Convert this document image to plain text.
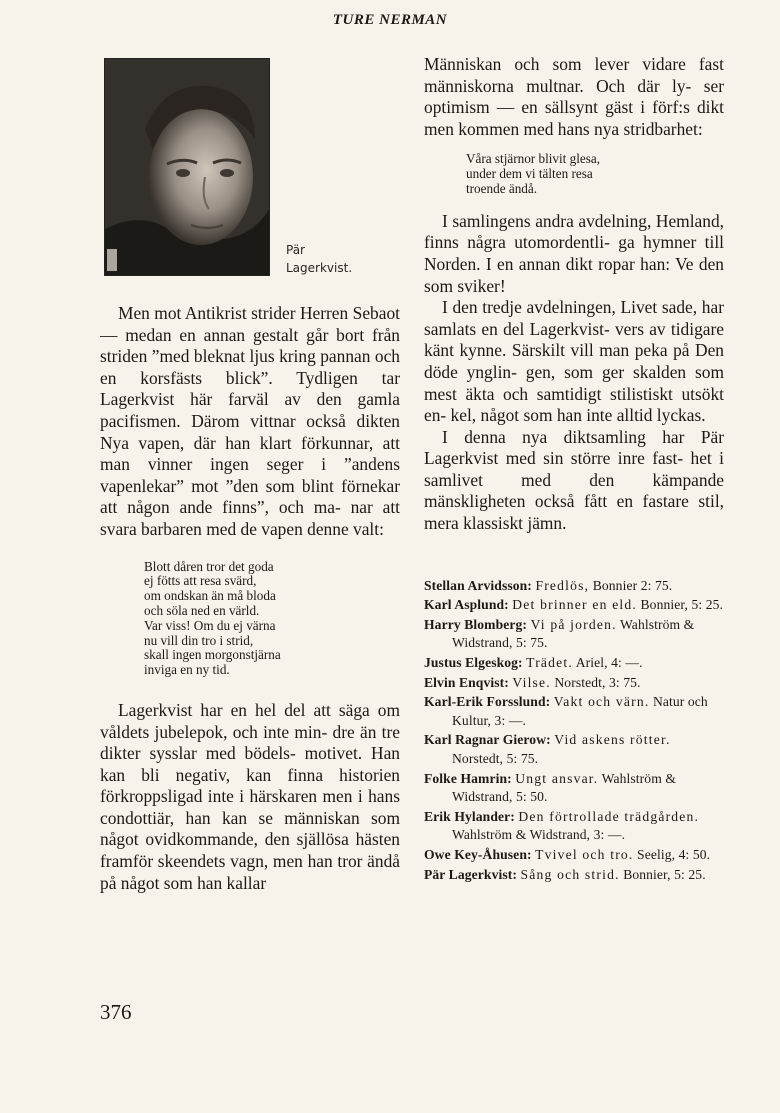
TURE NERMAN
Pär
Lagerkvist.

Men mot Antikrist strider Herren Sebaot — medan en annan gestalt går bort från striden ”med bleknat ljus kring pannan och en korsfästs blick”. Tydligen tar Lagerkvist här farväl av den gamla pacifismen. Därom vittnar också dikten Nya vapen, där han klart förkunnar, att man vinner ingen seger i ”andens vapenlekar” mot ”den som blint förnekar att någon ande finns”, och ma- nar att svara barbaren med de vapen denne valt:

Blott dåren tror det goda
ej fötts att resa svärd,
om ondskan än må bloda
och söla ned en värld.
Var viss! Om du ej värna
nu vill din tro i strid,
skall ingen morgonstjärna
inviga en ny tid.

Lagerkvist har en hel del att säga om våldets jubelepok, och inte min- dre än tre dikter sysslar med bödels- motivet. Han kan bli negativ, kan finna historien förkroppsligad inte i härskaren men i hans condottiär, han kan se människan som något ovidkommande, den själlösa hästen framför skeendets vagn, men han tror ändå på något som han kallar

Människan och som lever vidare fast människorna multnar. Och där ly- ser optimism — en sällsynt gäst i förf:s dikt men kommen med hans nya stridbarhet:

Våra stjärnor blivit glesa,
under dem vi tälten resa
troende ändå.

I samlingens andra avdelning, Hemland, finns några utomordentli- ga hymner till Norden. I en annan dikt ropar han: Ve den som sviker!

I den tredje avdelningen, Livet sade, har samlats en del Lagerkvist- vers av tidigare känt kynne. Särskilt vill man peka på Den döde ynglin- gen, som ger skalden som mest äkta och samtidigt stilistiskt utsökt en- kel, något som han inte alltid lyckas.

I denna nya diktsamling har Pär Lagerkvist med sin större inre fast- het i samlivet med den kämpande mänskligheten också fått en fastare stil, mera klassiskt jämn.

Stellan Arvidsson: Fredlös, Bonnier 2: 75.

Karl Asplund: Det brinner en eld. Bonnier, 5: 25.

Harry Blomberg: Vi på jorden. Wahlström & Widstrand, 5: 75.

Justus Elgeskog: Trädet. Ariel, 4: —.

Elvin Enqvist: Vilse. Norstedt, 3: 75.

Karl-Erik Forsslund: Vakt och värn. Natur och Kultur, 3: —.

Karl Ragnar Gierow: Vid askens rötter. Norstedt, 5: 75.

Folke Hamrin: Ungt ansvar. Wahlström & Widstrand, 5: 50.

Erik Hylander: Den förtrollade trädgården. Wahlström & Widstrand, 3: —.

Owe Key-Åhusen: Tvivel och tro. Seelig, 4: 50.

Pär Lagerkvist: Sång och strid. Bonnier, 5: 25.

376
